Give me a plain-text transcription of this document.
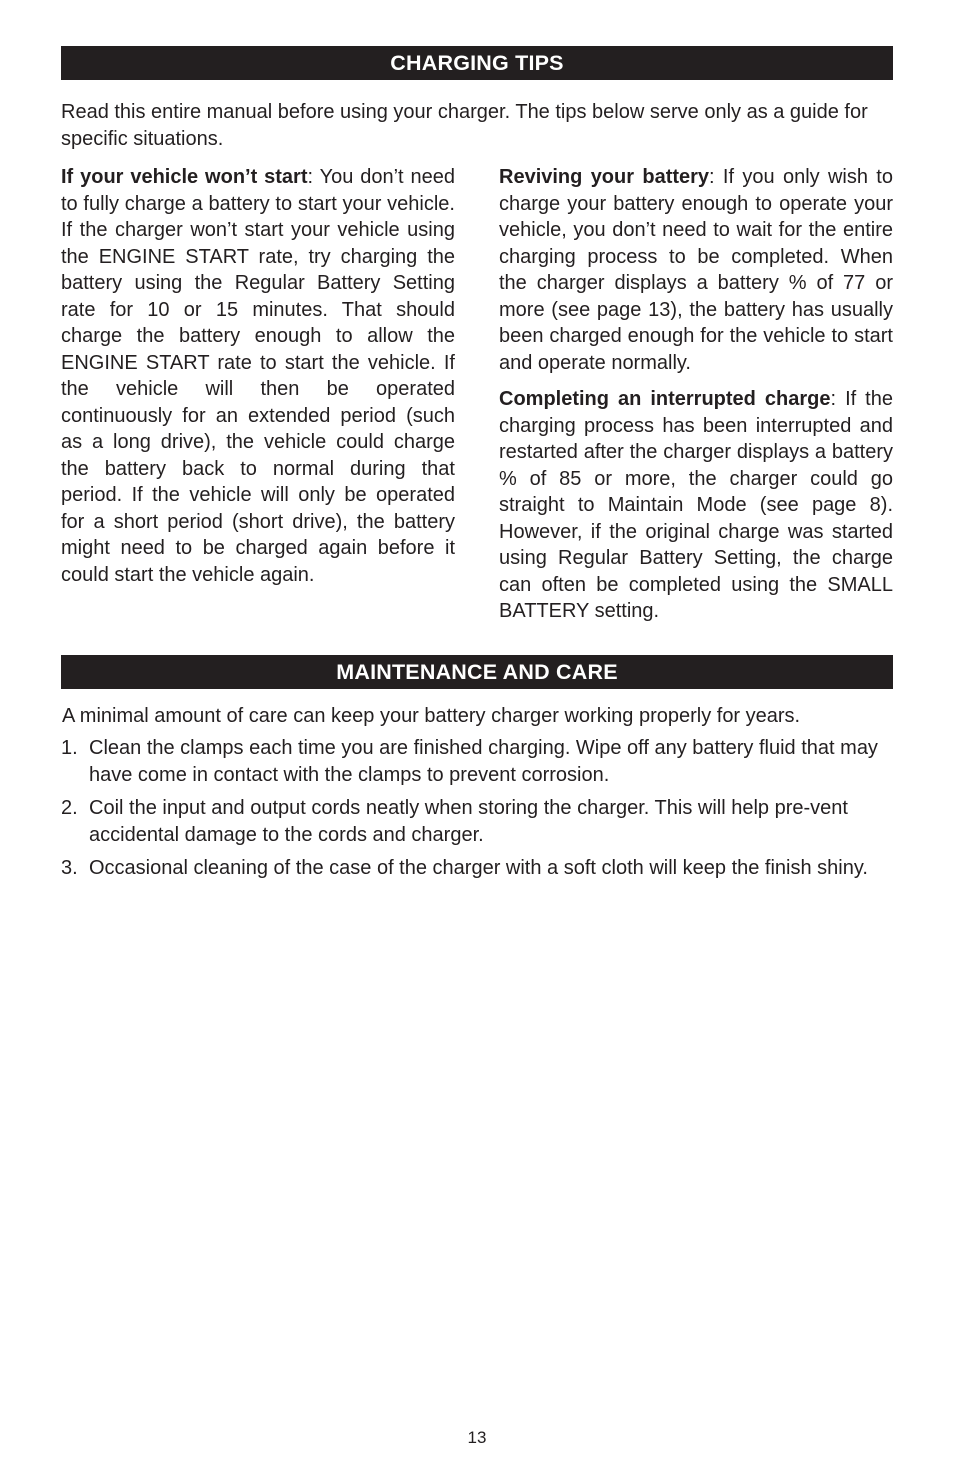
CHARGING TIPS

Read this entire manual before using your charger. The tips below serve only as a guide for specific situations.

If your vehicle won’t start: You don’t need to fully charge a battery to start your vehicle. If the charger won’t start your vehicle using the ENGINE START rate, try charging the battery using the Regular Battery Setting rate for 10 or 15 minutes. That should charge the battery enough to allow the ENGINE START rate to start the vehicle. If the vehicle will then be operated continuously for an extended period (such as a long drive), the vehicle could charge the battery back to normal during that period. If the vehicle will only be operated for a short period (short drive), the battery might need to be charged again before it could start the vehicle again.

Reviving your battery: If you only wish to charge your battery enough to operate your vehicle, you don’t need to wait for the entire charging process to be completed. When the charger displays a battery % of 77 or more (see page 13), the battery has usually been charged enough for the vehicle to start and operate normally.

Completing an interrupted charge: If the charging process has been interrupted and restarted after the charger displays a battery % of 85 or more, the charger could go straight to Maintain Mode (see page 8). However, if the original charge was started using Regular Battery Setting, the charge can often be completed using the SMALL BATTERY setting.

MAINTENANCE AND CARE

A minimal amount of care can keep your battery charger working properly for years.

1. Clean the clamps each time you are finished charging. Wipe off any battery fluid that may have come in contact with the clamps to prevent corrosion.
2. Coil the input and output cords neatly when storing the charger. This will help pre-vent accidental damage to the cords and charger.
3. Occasional cleaning of the case of the charger with a soft cloth will keep the finish shiny.
13
